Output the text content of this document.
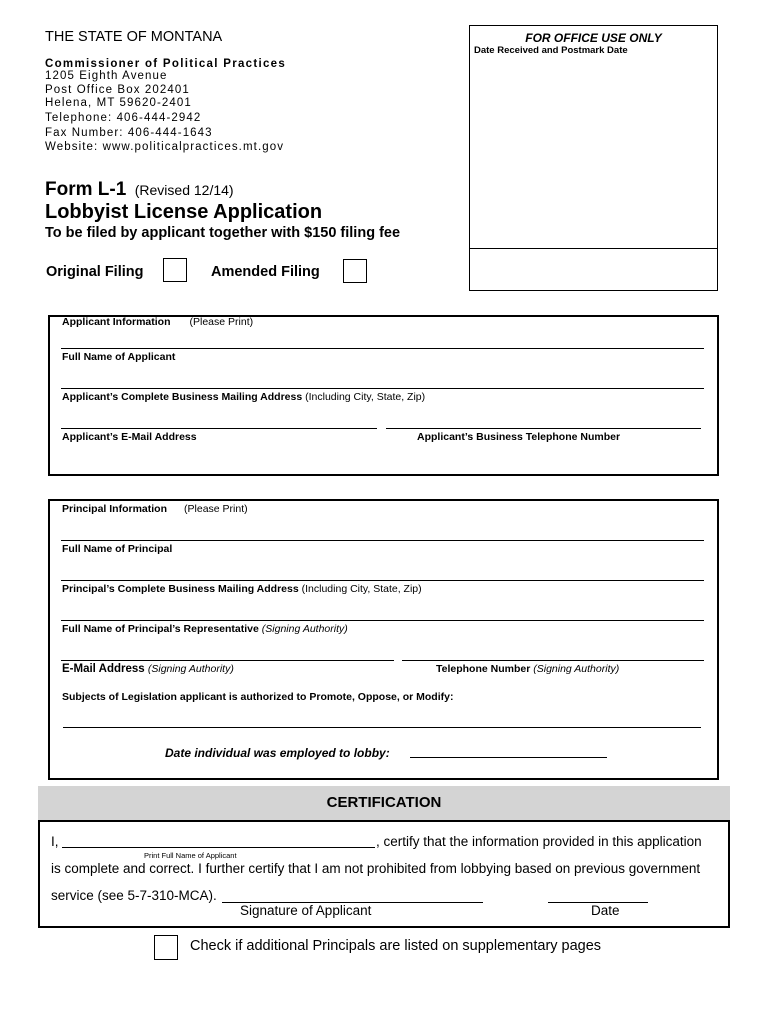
THE STATE OF MONTANA
Commissioner of Political Practices
1205 Eighth Avenue
Post Office Box 202401
Helena, MT 59620-2401
Telephone: 406-444-2942
Fax Number: 406-444-1643
Website: www.politicalpractices.mt.gov
FOR OFFICE USE ONLY
Date Received and Postmark Date
Form L-1 (Revised 12/14)
Lobbyist License Application
To be filed by applicant together with $150 filing fee
Original Filing	Amended Filing
Applicant Information (Please Print)
Full Name of Applicant
Applicant’s Complete Business Mailing Address (Including City, State, Zip)
Applicant’s E-Mail Address	Applicant’s Business Telephone Number
Principal Information (Please Print)
Full Name of Principal
Principal’s Complete Business Mailing Address (Including City, State, Zip)
Full Name of Principal’s Representative (Signing Authority)
E-Mail Address (Signing Authority)	Telephone Number (Signing Authority)
Subjects of Legislation applicant is authorized to Promote, Oppose, or Modify:
Date individual was employed to lobby:
CERTIFICATION
I,	, certify that the information provided in this application
Print Full Name of Applicant
is complete and correct. I further certify that I am not prohibited from lobbying based on previous government
service (see 5-7-310-MCA).
Signature of Applicant	Date
Check if additional Principals are listed on supplementary pages
